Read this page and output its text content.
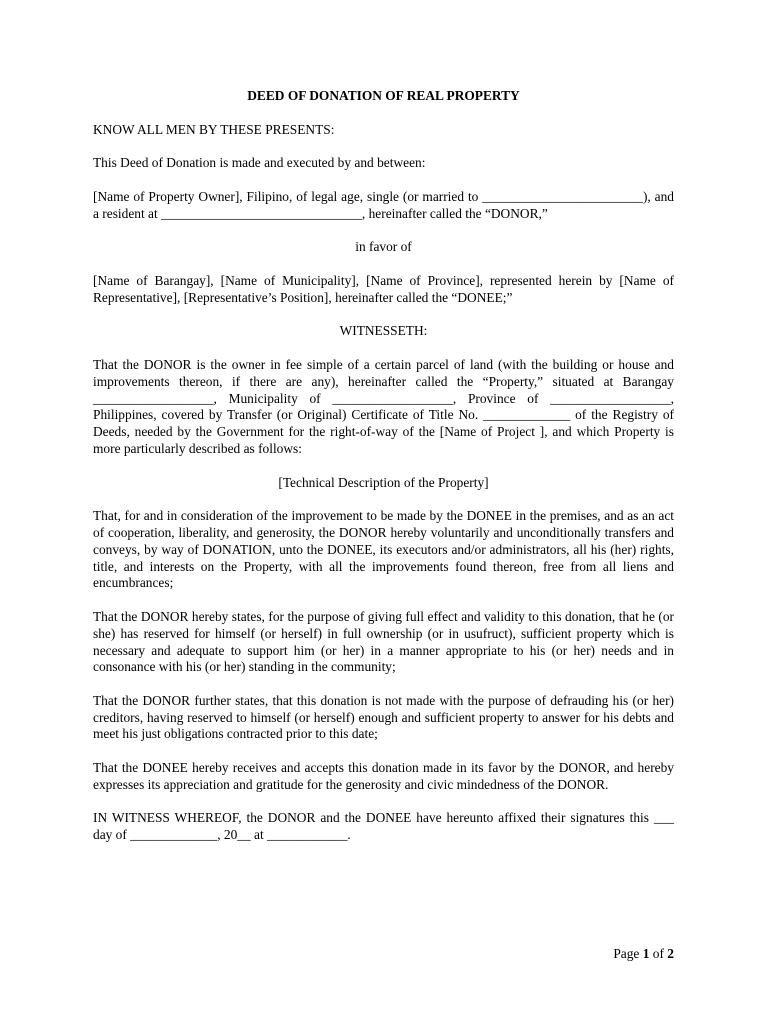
DEED OF DONATION OF REAL PROPERTY

KNOW ALL MEN BY THESE PRESENTS:

This Deed of Donation is made and executed by and between:

[Name of Property Owner], Filipino, of legal age, single (or married to ________________________), and a resident at ______________________________, hereinafter called the “DONOR,”

in favor of

[Name of Barangay], [Name of Municipality], [Name of Province], represented herein by [Name of Representative], [Representative’s Position], hereinafter called the “DONEE;”

WITNESSETH:

That the DONOR is the owner in fee simple of a certain parcel of land (with the building or house and improvements thereon, if there are any), hereinafter called the “Property,” situated at Barangay __________________, Municipality of __________________, Province of __________________, Philippines, covered by Transfer (or Original) Certificate of Title No. _____________ of the Registry of Deeds, needed by the Government for the right-of-way of the [Name of Project ], and which Property is more particularly described as follows:

[Technical Description of the Property]

That, for and in consideration of the improvement to be made by the DONEE in the premises, and as an act of cooperation, liberality, and generosity, the DONOR hereby voluntarily and unconditionally transfers and conveys, by way of DONATION, unto the DONEE, its executors and/or administrators, all his (her) rights, title, and interests on the Property, with all the improvements found thereon, free from all liens and encumbrances;

That the DONOR hereby states, for the purpose of giving full effect and validity to this donation, that he (or she) has reserved for himself (or herself) in full ownership (or in usufruct), sufficient property which is necessary and adequate to support him (or her) in a manner appropriate to his (or her) needs and in consonance with his (or her) standing in the community;

That the DONOR further states, that this donation is not made with the purpose of defrauding his (or her) creditors, having reserved to himself (or herself) enough and sufficient property to answer for his debts and meet his just obligations contracted prior to this date;

That the DONEE hereby receives and accepts this donation made in its favor by the DONOR, and hereby expresses its appreciation and gratitude for the generosity and civic mindedness of the DONOR.

IN WITNESS WHEREOF, the DONOR and the DONEE have hereunto affixed their signatures this ___ day of _____________, 20__ at ____________.

Page 1 of 2
